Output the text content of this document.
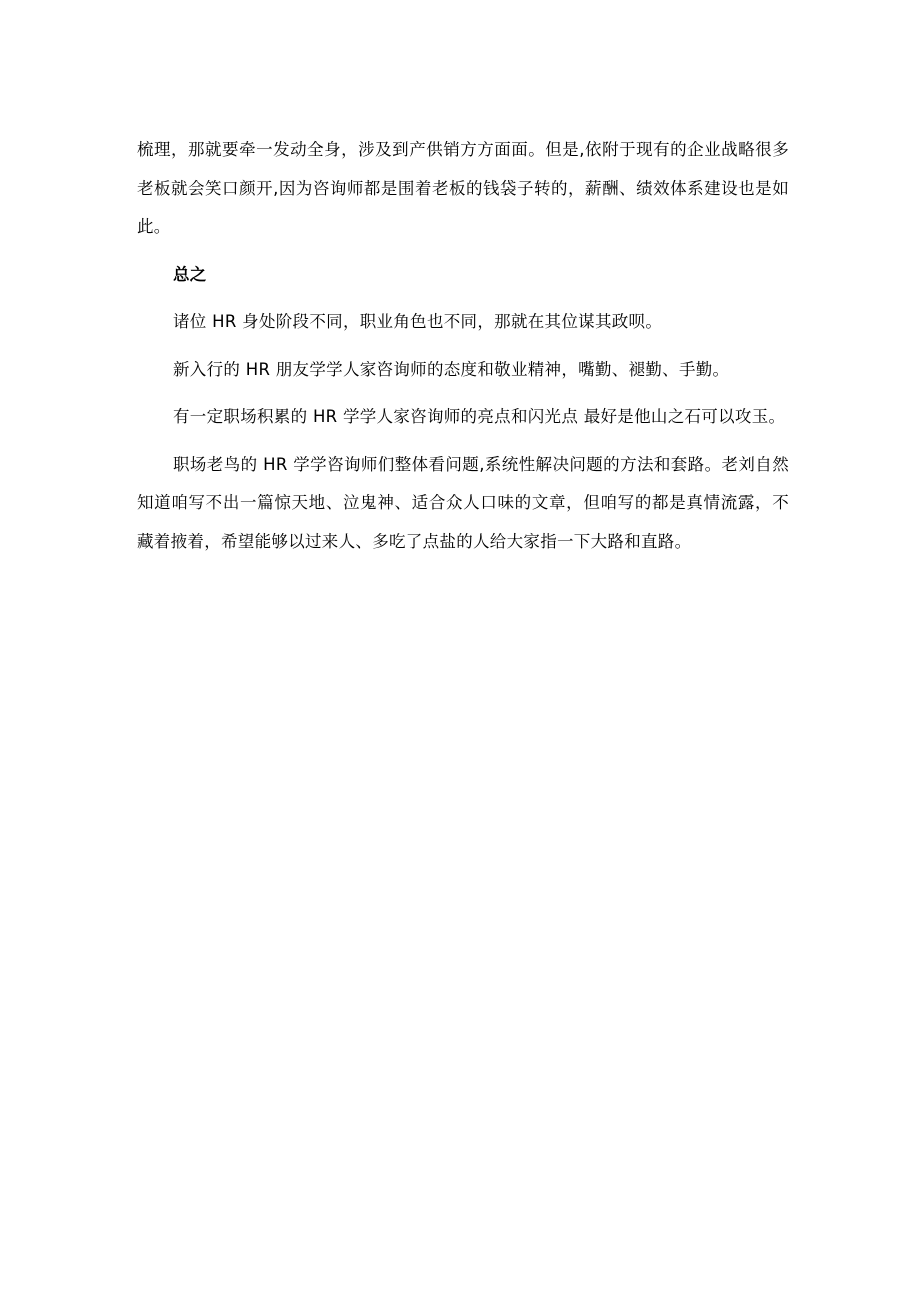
梳理，那就要牵一发动全身，涉及到产供销方方面面。但是,依附于现有的企业战略很多老板就会笑口颜开,因为咨询师都是围着老板的钱袋子转的，薪酬、绩效体系建设也是如此。

总之

诸位 HR 身处阶段不同，职业角色也不同，那就在其位谋其政呗。

新入行的 HR 朋友学学人家咨询师的态度和敬业精神，嘴勤、褪勤、手勤。

有一定职场积累的 HR 学学人家咨询师的亮点和闪光点 最好是他山之石可以攻玉。

职场老鸟的 HR 学学咨询师们整体看问题,系统性解决问题的方法和套路。老刘自然知道咱写不出一篇惊天地、泣鬼神、适合众人口味的文章，但咱写的都是真情流露，不藏着掖着，希望能够以过来人、多吃了点盐的人给大家指一下大路和直路。
